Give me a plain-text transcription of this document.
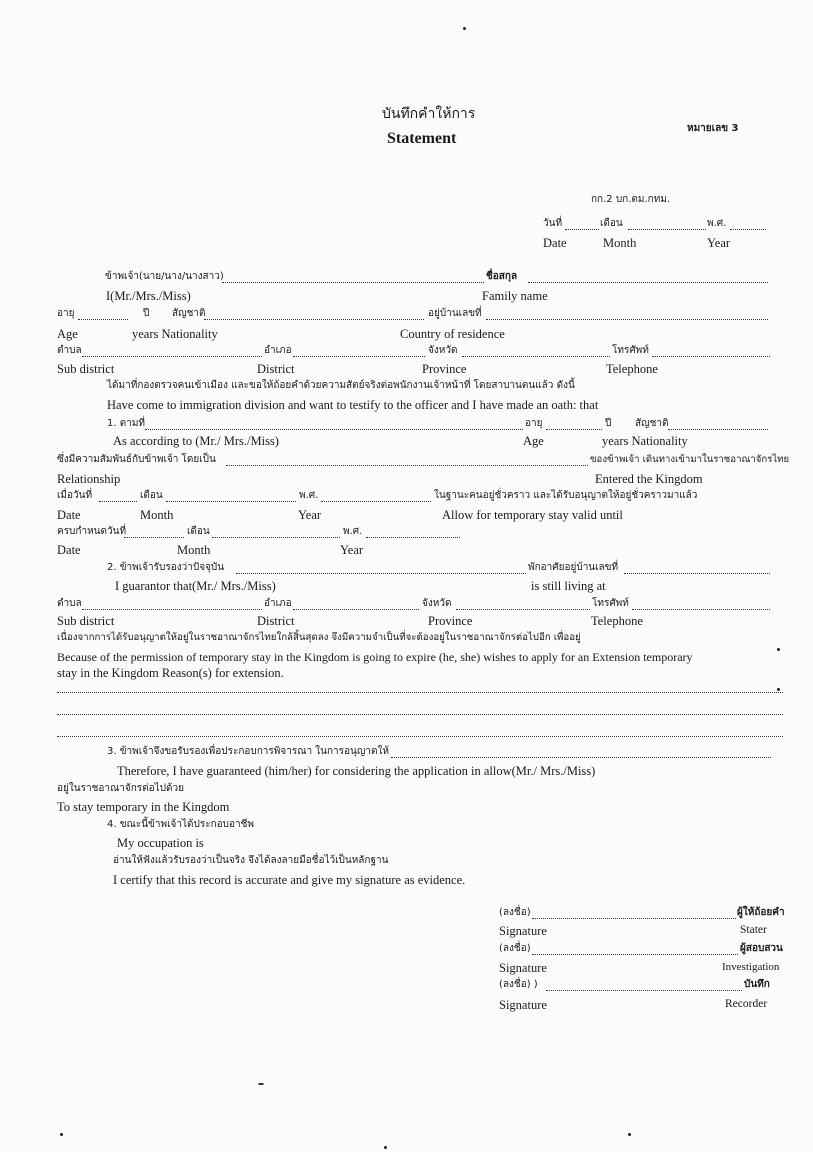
บันทึกคำให้การ
Statement
หมายเลข 3
กก.2 บก.ตม.กทม.
วันที่	เดือน	พ.ศ.
Date	Month	Year
ข้าพเจ้า(นาย/นาง/นางสาว)	ชื่อสกุล
I(Mr./Mrs./Miss)	Family name
อายุ	ปี สัญชาติ	อยู่บ้านเลขที่
Age	years Nationality	Country of residence
ตำบล	อำเภอ	จังหวัด	โทรศัพท์
Sub district	District	Province	Telephone
ได้มาที่กองตรวจคนเข้าเมือง และขอให้ถ้อยคำด้วยความสัตย์จริงต่อพนักงานเจ้าหน้าที่ โดยสาบานตนแล้ว ดังนี้
Have come to immigration division and want to testify to the officer and I have made an oath: that
1. ตามที่	อายุ	ปี สัญชาติ
As according to (Mr./ Mrs./Miss)	Age	years Nationality
ซึ่งมีความสัมพันธ์กับข้าพเจ้า โดยเป็น	ของข้าพเจ้า เดินทางเข้ามาในราชอาณาจักรไทย
Relationship	Entered the Kingdom
เมื่อวันที่	เดือน	พ.ศ.	ในฐานะคนอยู่ชั่วคราว และได้รับอนุญาตให้อยู่ชั่วคราวมาแล้ว
Date	Month	Year	Allow for temporary stay valid until
ครบกำหนดวันที่	เดือน	พ.ศ.
Date	Month	Year
2. ข้าพเจ้ารับรองว่าปัจจุบัน	พักอาศัยอยู่บ้านเลขที่
I guarantor that(Mr./ Mrs./Miss)	is still living at
ตำบล	อำเภอ	จังหวัด	โทรศัพท์
Sub district	District	Province	Telephone
เนื่องจากการได้รับอนุญาตให้อยู่ในราชอาณาจักรไทยใกล้สิ้นสุดลง จึงมีความจำเป็นที่จะต้องอยู่ในราชอาณาจักรต่อไปอีก เพื่ออยู่
Because of the permission of temporary stay in the Kingdom is going to expire (he, she) wishes to apply for an Extension temporary
stay in the Kingdom Reason(s) for extension.
3. ข้าพเจ้าจึงขอรับรองเพื่อประกอบการพิจารณา ในการอนุญาตให้
Therefore, I have guaranteed (him/her) for considering the application in allow(Mr./ Mrs./Miss)
อยู่ในราชอาณาจักรต่อไปด้วย
To stay temporary in the Kingdom
4. ขณะนี้ข้าพเจ้าได้ประกอบอาชีพ
My occupation is
อ่านให้ฟังแล้วรับรองว่าเป็นจริง จึงได้ลงลายมือชื่อไว้เป็นหลักฐาน
I certify that this record is accurate and give my signature as evidence.
(ลงชื่อ)	ผู้ให้ถ้อยคำ
Signature	Stater
(ลงชื่อ)	ผู้สอบสวน
Signature	Investigation
(ลงชื่อ) )	บันทึก
Signature	Recorder
